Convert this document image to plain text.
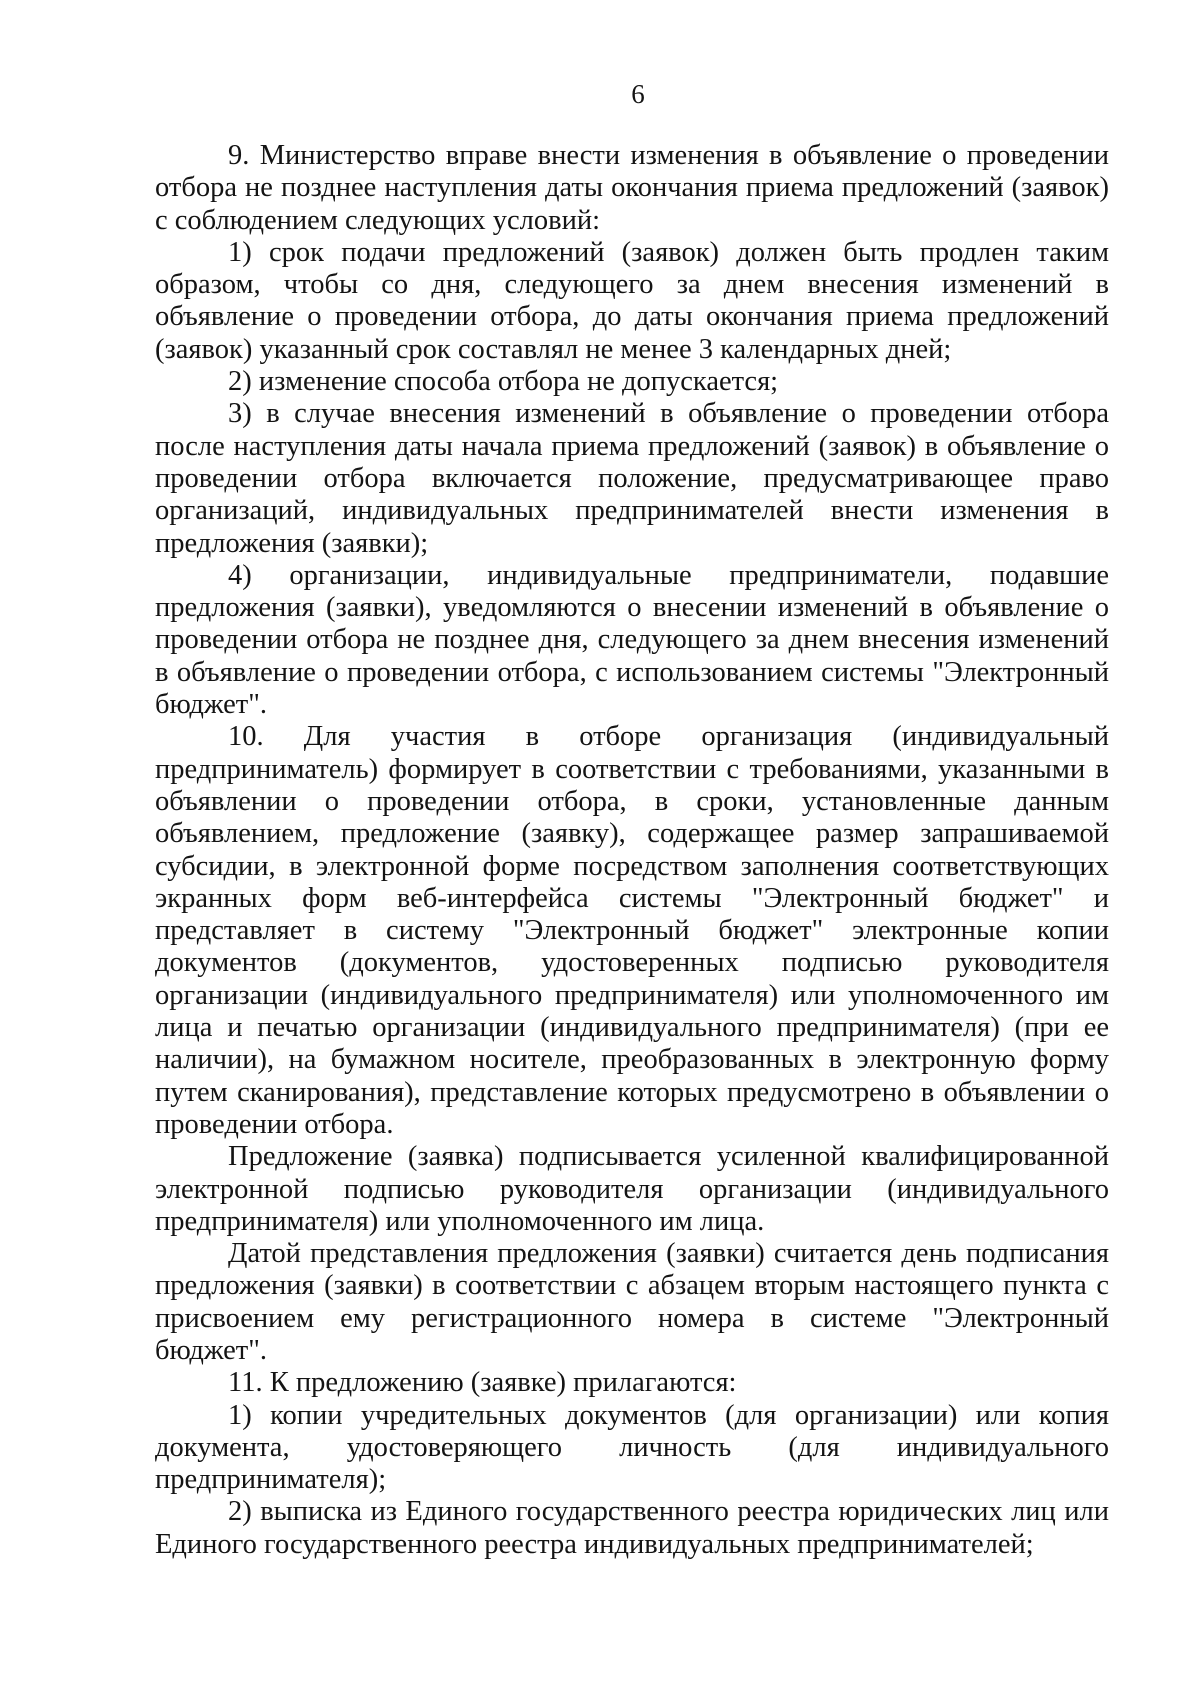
6

9. Министерство вправе внести изменения в объявление о проведении отбора не позднее наступления даты окончания приема предложений (заявок) с соблюдением следующих условий:

1) срок подачи предложений (заявок) должен быть продлен таким образом, чтобы со дня, следующего за днем внесения изменений в объявление о проведении отбора, до даты окончания приема предложений (заявок) указанный срок составлял не менее 3 календарных дней;

2) изменение способа отбора не допускается;

3) в случае внесения изменений в объявление о проведении отбора после наступления даты начала приема предложений (заявок) в объявление о проведении отбора включается положение, предусматривающее право организаций, индивидуальных предпринимателей внести изменения в предложения (заявки);

4) организации, индивидуальные предприниматели, подавшие предложения (заявки), уведомляются о внесении изменений в объявление о проведении отбора не позднее дня, следующего за днем внесения изменений в объявление о проведении отбора, с использованием системы "Электронный бюджет".

10. Для участия в отборе организация (индивидуальный предприниматель) формирует в соответствии с требованиями, указанными в объявлении о проведении отбора, в сроки, установленные данным объявлением, предложение (заявку), содержащее размер запрашиваемой субсидии, в электронной форме посредством заполнения соответствующих экранных форм веб-интерфейса системы "Электронный бюджет" и представляет в систему "Электронный бюджет" электронные копии документов (документов, удостоверенных подписью руководителя организации (индивидуального предпринимателя) или уполномоченного им лица и печатью организации (индивидуального предпринимателя) (при ее наличии), на бумажном носителе, преобразованных в электронную форму путем сканирования), представление которых предусмотрено в объявлении о проведении отбора.

Предложение (заявка) подписывается усиленной квалифицированной электронной подписью руководителя организации (индивидуального предпринимателя) или уполномоченного им лица.

Датой представления предложения (заявки) считается день подписания предложения (заявки) в соответствии с абзацем вторым настоящего пункта с присвоением ему регистрационного номера в системе "Электронный бюджет".

11. К предложению (заявке) прилагаются:

1) копии учредительных документов (для организации) или копия документа, удостоверяющего личность (для индивидуального предпринимателя);

2) выписка из Единого государственного реестра юридических лиц или Единого государственного реестра индивидуальных предпринимателей;
